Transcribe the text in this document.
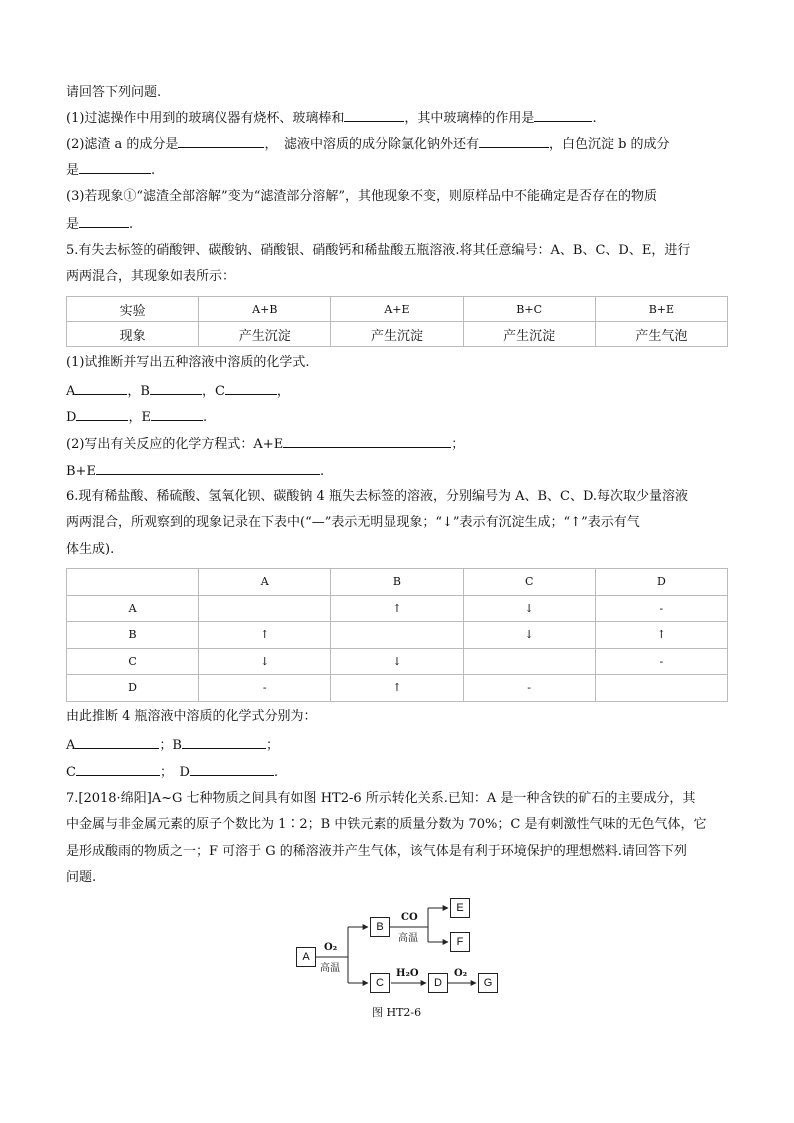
请回答下列问题.
(1)过滤操作中用到的玻璃仪器有烧杯、玻璃棒和	，其中玻璃棒的作用是	.
(2)滤渣 a 的成分是	，　滤液中溶质的成分除氯化钠外还有	，白色沉淀 b 的成分
是	.
(3)若现象①“滤渣全部溶解”变为“滤渣部分溶解”，其他现象不变，则原样品中不能确定是否存在的物质
是	.
5.有失去标签的硝酸钾、碳酸钠、硝酸银、硝酸钙和稀盐酸五瓶溶液.将其任意编号：A、B、C、D、E，进行
两两混合，其现象如表所示：
实验	A+B	A+E	B+C	B+E
现象	产生沉淀	产生沉淀	产生沉淀	产生气泡
(1)试推断并写出五种溶液中溶质的化学式.
A	，B	，C	，
D	，E	.
(2)写出有关反应的化学方程式：A+E	；
B+E	.
6.现有稀盐酸、稀硫酸、氢氧化钡、碳酸钠 4 瓶失去标签的溶液，分别编号为 A、B、C、D.每次取少量溶液
两两混合，所观察到的现象记录在下表中(“—”表示无明显现象；“↓”表示有沉淀生成；“↑”表示有气
体生成).
	A	B	C	D
A		↑	↓	-
B	↑		↓	↑
C	↓	↓		-
D	-	↑	-	
由此推断 4 瓶溶液中溶质的化学式分别为：
A	；B	；
C	；　D	.
7.[2018·绵阳]A~G 七种物质之间具有如图 HT2-6 所示转化关系.已知：A 是一种含铁的矿石的主要成分，其
中金属与非金属元素的原子个数比为 1∶2；B 中铁元素的质量分数为 70%；C 是有刺激性气味的无色气体，它
是形成酸雨的物质之一；F 可溶于 G 的稀溶液并产生气体，该气体是有利于环境保护的理想燃料.请回答下列
问题.
A
B
C	D
E
F
G
O₂
高温
CO
高温
H₂O	O₂
图 HT2-6
